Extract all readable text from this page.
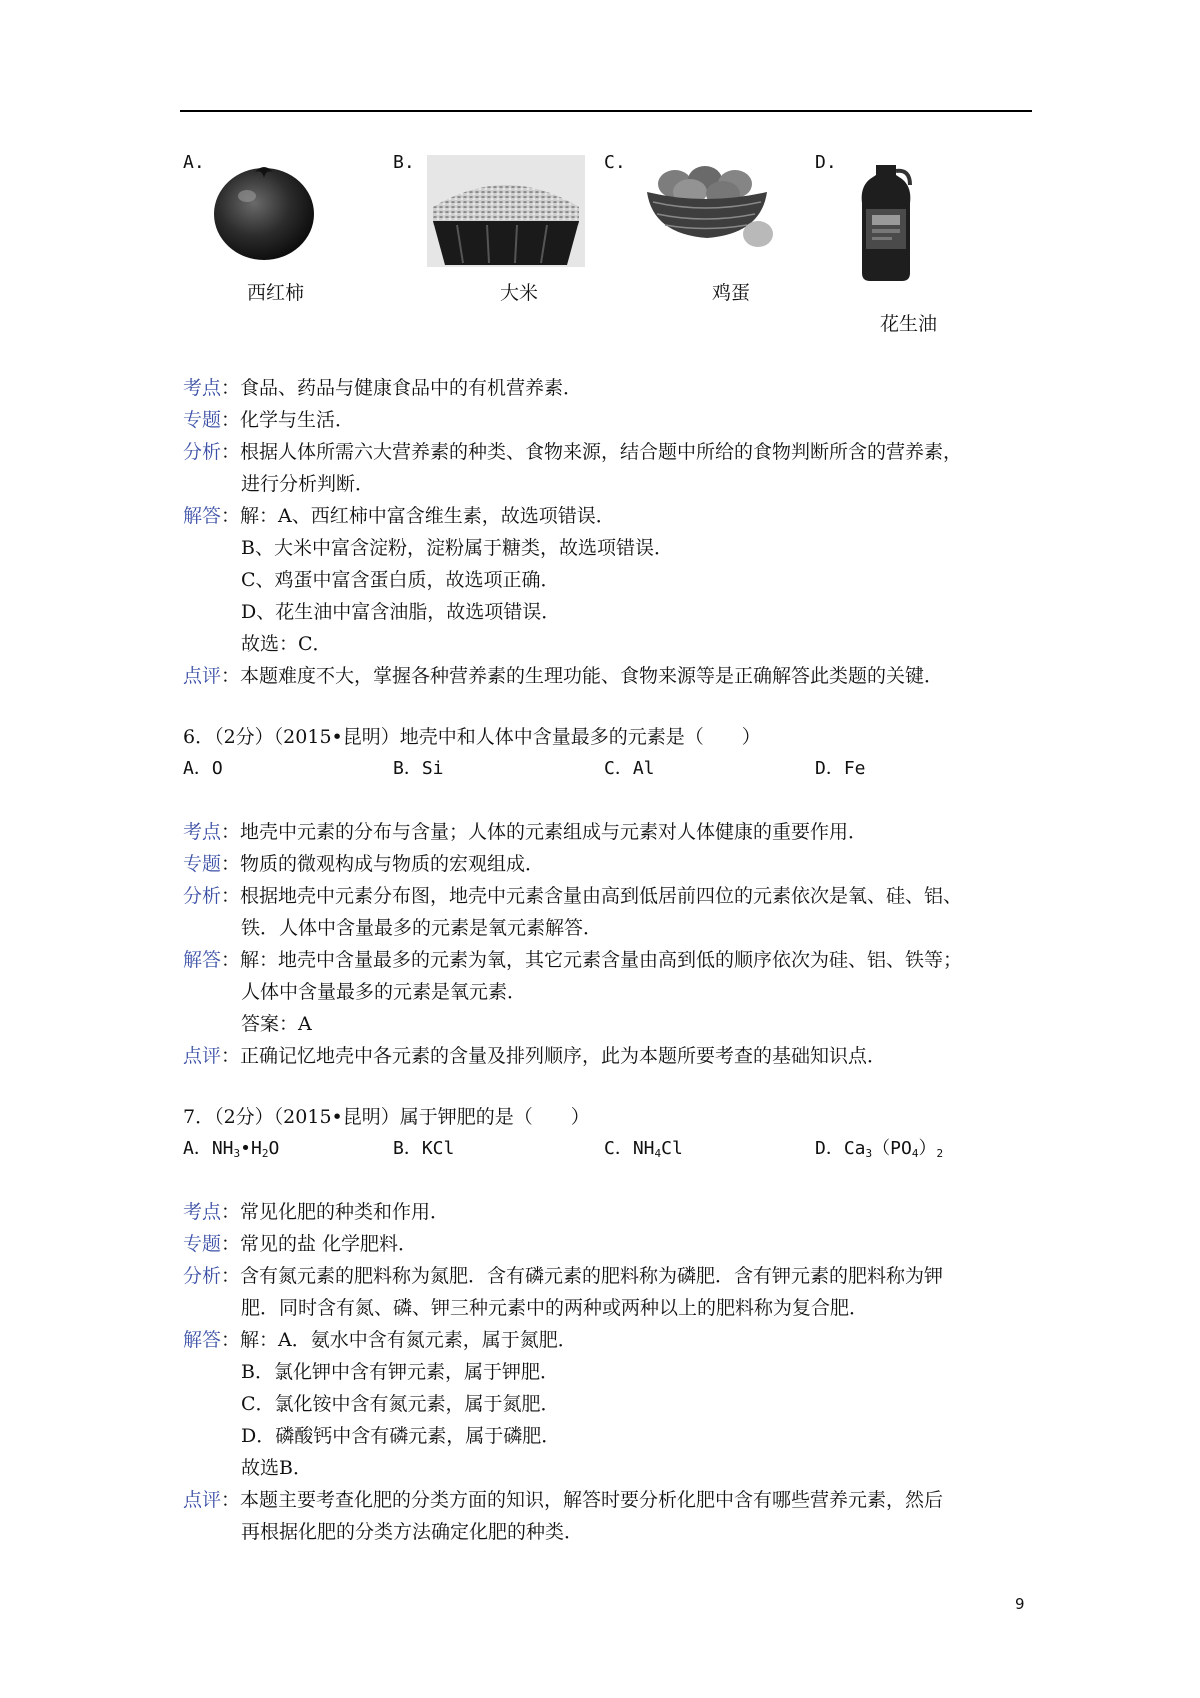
A.
西红柿
B.
大米
C.
鸡蛋
D.
花生油
考点：食品、药品与健康食品中的有机营养素．
专题：化学与生活．
分析：根据人体所需六大营养素的种类、食物来源，结合题中所给的食物判断所含的营养素，
进行分析判断．
解答：解：A、西红柿中富含维生素，故选项错误．
B、大米中富含淀粉，淀粉属于糖类，故选项错误．
C、鸡蛋中富含蛋白质，故选项正确．
D、花生油中富含油脂，故选项错误．
故选：C．
点评：本题难度不大，掌握各种营养素的生理功能、食物来源等是正确解答此类题的关键．
6．（2分）（2015•昆明）地壳中和人体中含量最多的元素是（　　）
A．O	B．Si	C．Al	D．Fe
考点：地壳中元素的分布与含量；人体的元素组成与元素对人体健康的重要作用．
专题：物质的微观构成与物质的宏观组成．
分析：根据地壳中元素分布图，地壳中元素含量由高到低居前四位的元素依次是氧、硅、铝、
铁．人体中含量最多的元素是氧元素解答．
解答：解：地壳中含量最多的元素为氧，其它元素含量由高到低的顺序依次为硅、铝、铁等；
人体中含量最多的元素是氧元素．
答案：A
点评：正确记忆地壳中各元素的含量及排列顺序，此为本题所要考查的基础知识点．
7．（2分）（2015•昆明）属于钾肥的是（　　）
A．$NH_3•H_2O$	B．KCl	C．$NH_4Cl$	D．$Ca_3(PO_4)_2$
考点：常见化肥的种类和作用．
专题：常见的盐 化学肥料．
分析：含有氮元素的肥料称为氮肥．含有磷元素的肥料称为磷肥．含有钾元素的肥料称为钾
肥．同时含有氮、磷、钾三种元素中的两种或两种以上的肥料称为复合肥．
解答：解：A．氨水中含有氮元素，属于氮肥．
B．氯化钾中含有钾元素，属于钾肥．
C．氯化铵中含有氮元素，属于氮肥．
D．磷酸钙中含有磷元素，属于磷肥．
故选B．
点评：本题主要考查化肥的分类方面的知识，解答时要分析化肥中含有哪些营养元素，然后
再根据化肥的分类方法确定化肥的种类．
9
